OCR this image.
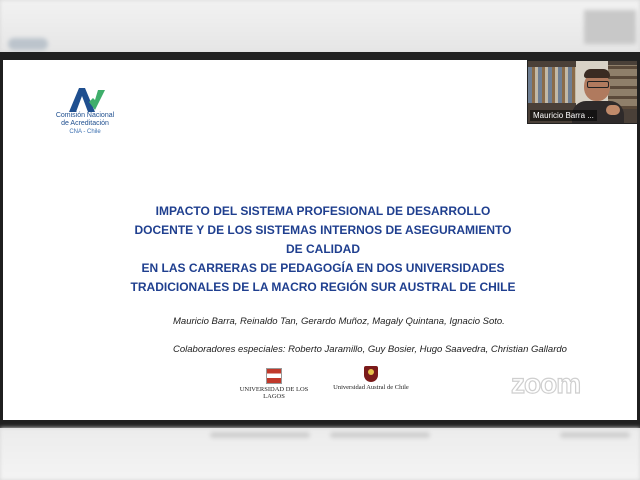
Comisión Nacional
de Acreditación
CNA - Chile
IMPACTO DEL SISTEMA PROFESIONAL DE DESARROLLO
DOCENTE Y DE LOS SISTEMAS INTERNOS DE ASEGURAMIENTO
DE CALIDAD
EN LAS CARRERAS DE PEDAGOGÍA EN DOS UNIVERSIDADES
TRADICIONALES DE LA MACRO REGIÓN SUR AUSTRAL DE CHILE
Mauricio Barra, Reinaldo Tan, Gerardo Muñoz, Magaly Quintana, Ignacio Soto.
Colaboradores especiales: Roberto Jaramillo, Guy Bosier, Hugo Saavedra, Christian Gallardo
UNIVERSIDAD DE LOS LAGOS
Universidad Austral de Chile	zoom
Mauricio Barra ...
